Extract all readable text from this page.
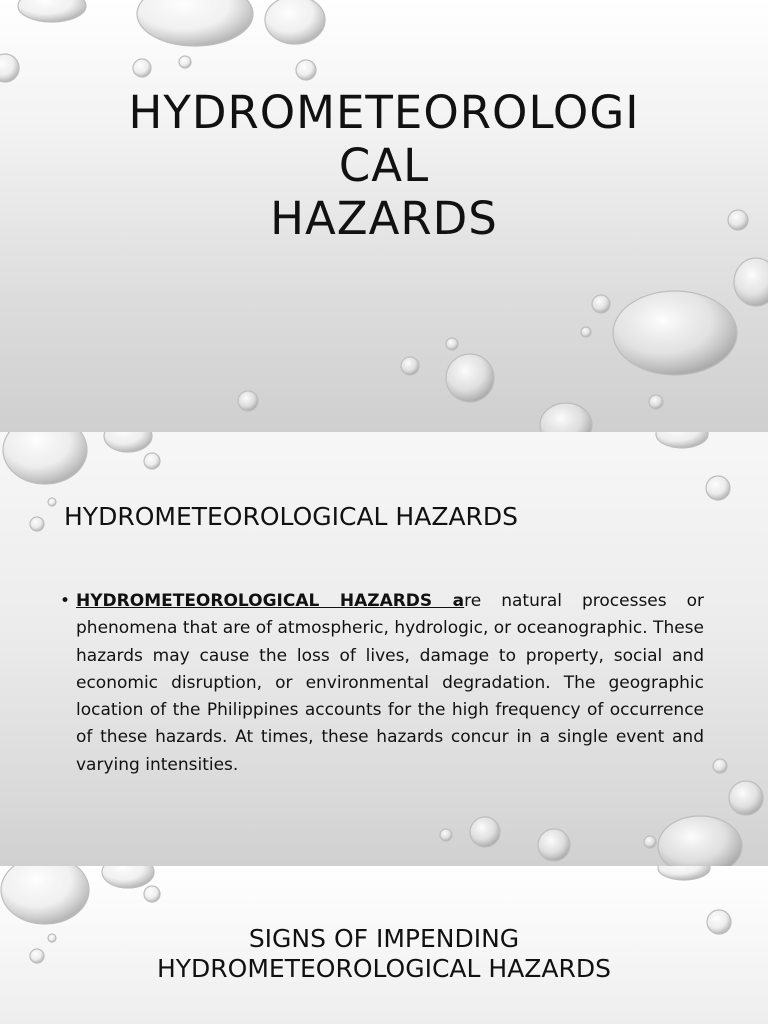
HYDROMETEOROLOGI
CAL
HAZARDS
HYDROMETEOROLOGICAL HAZARDS
• HYDROMETEOROLOGICAL HAZARDS are natural processes or phenomena that are of atmospheric, hydrologic, or oceanographic. These hazards may cause the loss of lives, damage to property, social and economic disruption, or environmental degradation. The geographic location of the Philippines accounts for the high frequency of occurrence of these hazards. At times, these hazards concur in a single event and varying intensities.
SIGNS OF IMPENDING
HYDROMETEOROLOGICAL HAZARDS
